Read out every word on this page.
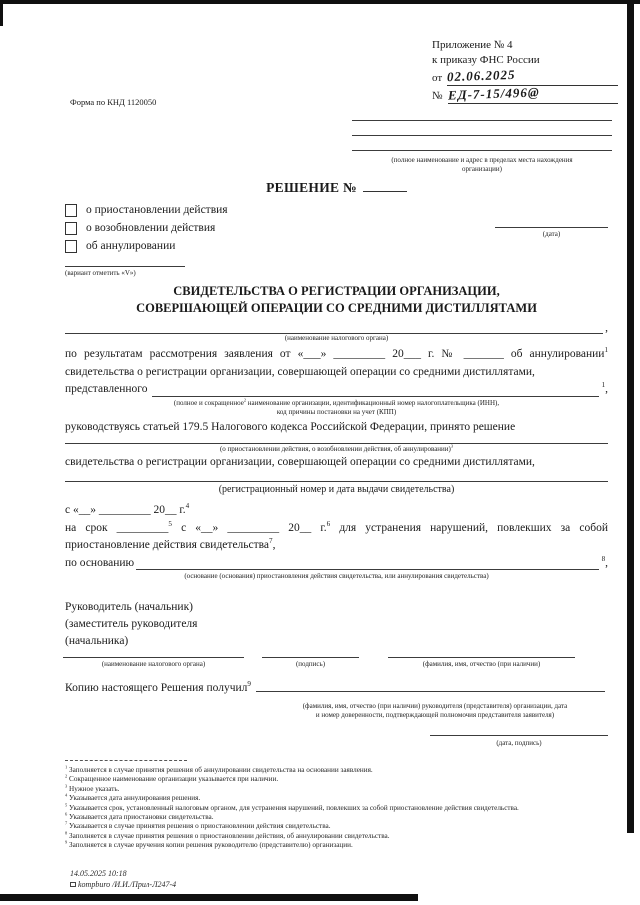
Форма по КНД 1120050
Приложение № 4
к приказу ФНС России
от 02.06.2025
№ ЕД-7-15/496@
(полное наименование и адрес в пределах места нахождения
организации)
РЕШЕНИЕ №
о приостановлении действия
о возобновлении действия
об аннулировании
(дата)
(вариант отметить «V»)
СВИДЕТЕЛЬСТВА О РЕГИСТРАЦИИ ОРГАНИЗАЦИИ,
СОВЕРШАЮЩЕЙ ОПЕРАЦИИ СО СРЕДНИМИ ДИСТИЛЛЯТАМИ
,
(наименование налогового органа)
по результатам рассмотрения заявления от «___» _________ 20___ г. № _______ об аннулировании$^1$
свидетельства о регистрации организации, совершающей операции со средними дистиллятами,
представленного	$^1$,
(полное и сокращенное$^2$ наименование организации, идентификационный номер налогоплательщика (ИНН),
код причины постановки на учет (КПП)
руководствуясь статьей 179.5 Налогового кодекса Российской Федерации, принято решение
(о приостановлении действия, о возобновлении действия, об аннулировании)$^3$
свидетельства о регистрации организации, совершающей операции со средними дистиллятами,
(регистрационный номер и дата выдачи свидетельства)
с «__» _________ 20__ г.$^4$
на срок _________$^5$ с «__» _________ 20__ г.$^6$ для устранения нарушений, повлекших за собой
приостановление действия свидетельства$^7$,
по основанию	$^8$,
(основание (основания) приостановления действия свидетельства, или аннулирования свидетельства)
Руководитель (начальник)
(заместитель руководителя
(начальника)
(наименование налогового органа)	(подпись)	(фамилия, имя, отчество (при наличии)
Копию настоящего Решения получил$^9$
(фамилия, имя, отчество (при наличии) руководителя (представителя) организации, дата
и номер доверенности, подтверждающей полномочия представителя заявителя)
(дата, подпись)
$^1$ Заполняется в случае принятия решения об аннулировании свидетельства на основании заявления.
$^2$ Сокращенное наименование организации указывается при наличии.
$^3$ Нужное указать.
$^4$ Указывается дата аннулирования решения.
$^5$ Указывается срок, установленный налоговым органом, для устранения нарушений, повлекших за собой приостановление действия свидетельства.
$^6$ Указывается дата приостановки свидетельства.
$^7$ Указывается в случае принятия решения о приостановлении действия свидетельства.
$^8$ Заполняется в случае принятия решения о приостановлении действия, об аннулировании свидетельства.
$^9$ Заполняется в случае вручения копии решения руководителю (представителю) организации.
14.05.2025 10:18
kompburo /И.И./Прил-Л247-4
